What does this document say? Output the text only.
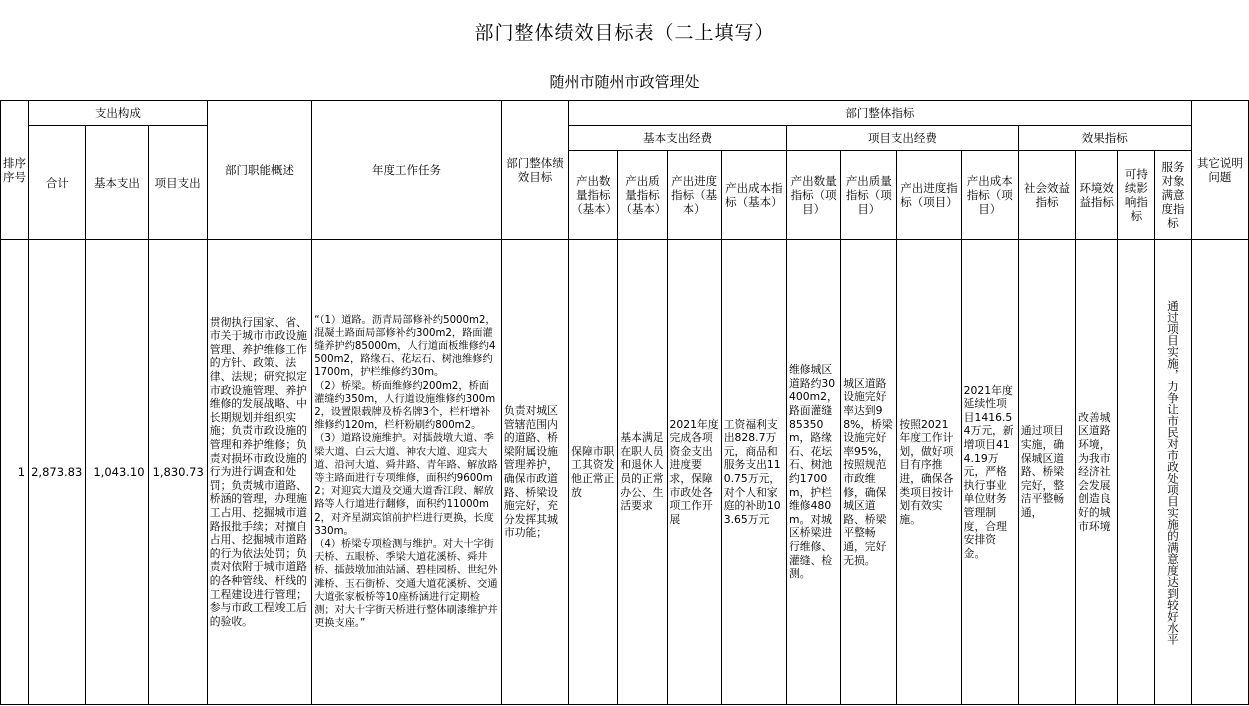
部门整体绩效目标表（二上填写）
随州市随州市政管理处
排序序号	支出构成			部门职能概述	年度工作任务	部门整体绩效目标	部门整体指标												其它说明问题
	合计	基本支出	项目支出				基本支出经费				项目支出经费				效果指标				
							产出数量指标（基本）	产出质量指标（基本）	产出进度指标（基本）	产出成本指标（基本）	产出数量指标（项目）	产出质量指标（项目）	产出进度指标（项目）	产出成本指标（项目）	社会效益指标	环境效益指标	可持续影响指标	服务对象满意度指标	
1	2,873.83	1,043.10	1,830.73	贯彻执行国家、省、市关于城市市政设施管理、养护维修工作的方针、政策、法律、法规；研究拟定市政设施管理、养护维修的发展战略、中长期规划并组织实施；负责市政设施的管理和养护维修；负责对损坏市政设施的行为进行调查和处罚；负责城市道路、桥涵的管理，办理施工占用、挖掘城市道路报批手续；对擅自占用、挖掘城市道路的行为依法处罚；负责对依附于城市道路的各种管线、杆线的工程建设进行管理；参与市政工程竣工后的验收。	“（1）道路。沥青局部修补约5000m2，混凝土路面局部修补约300m2，路面灌缝养护约85000m，人行道面板维修约4500m2，路缘石、花坛石、树池维修约1700m，护栏维修约30m。
（2）桥梁。桥面维修约200m2，桥面灌缝约350m，人行道设施维修约300m2，设置限载牌及桥名牌3个，栏杆增补维修约120m，栏杆粉刷约800m2。
（3）道路设施维护。对擂鼓墩大道、季梁大道、白云大道、神农大道、迎宾大道、沿河大道、舜井路、青年路、解放路等主路面进行专项维修，面积约9600m2；对迎宾大道及交通大道香江段、解放路等人行道进行翻修，面积约11000m2，对齐星湖宾馆前护栏进行更换，长度330m。
（4）桥梁专项检测与维护。对大十字街天桥、五眼桥、季梁大道花溪桥、舜井桥、擂鼓墩加油站涵、碧桂园桥、世纪外滩桥、玉石街桥、交通大道花溪桥、交通大道张家板桥等10座桥涵进行定期检测；对大十字街天桥进行整体刷漆维护并更换支座。”	负责对城区管辖范围内的道路、桥梁附属设施管理养护，确保市政道路、桥梁设施完好，充分发挥其城市功能；	保障市职工其资发他正常正放	基本满足在职人员和退休人员的正常办公、生活要求	2021年度完成各项资金支出进度要求，保障市政处各项工作开展	工资福利支出828.7万元，商品和服务支出110.75万元，对个人和家庭的补助103.65万元	维修城区道路约30400m2，路面灌缝85350m，路缘石、花坛石、树池约1700m，护栏维修480m。对城区桥梁进行维修、灌缝、检测。	城区道路设施完好率达到98%，桥梁设施完好率95%，按照规范市政维修，确保城区道路、桥梁平整畅通，完好无损。	按照2021年度工作计划，做好项目有序推进，确保各类项目按计划有效实施。	2021年度延续性项目1416.54万元，新增项目414.19万元，严格执行事业单位财务管理制度，合理安排资金。	通过项目实施，确保城区道路、桥梁完好，整洁平整畅通，	改善城区道路环境，为我市经济社会发展创造良好的城市环境		通过项目实施，力争让市民对市政处项目实施的满意度达到较好水平	
